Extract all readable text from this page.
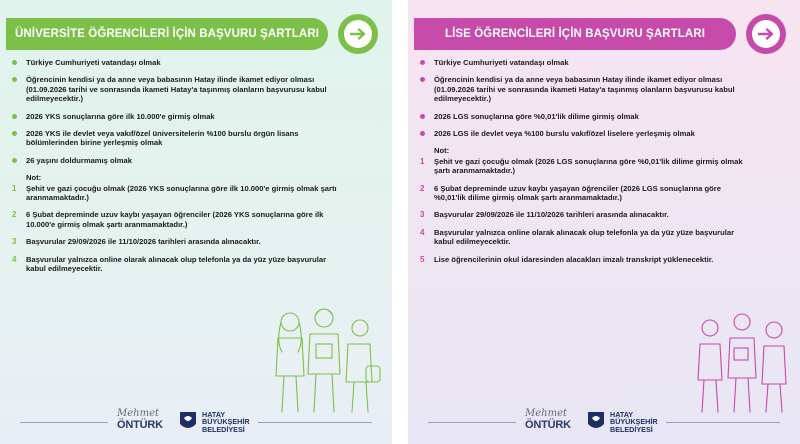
ÜNİVERSİTE ÖĞRENCİLERİ İÇİN BAŞVURU ŞARTLARI
Türkiye Cumhuriyeti vatandaşı olmak
Öğrencinin kendisi ya da anne veya babasının Hatay ilinde ikamet ediyor olması (01.09.2026 tarihi ve sonrasında ikameti Hatay'a taşınmış olanların başvurusu kabul edilmeyecektir.)
2026 YKS sonuçlarına göre ilk 10.000'e girmiş olmak
2026 YKS ile devlet veya vakıf/özel üniversitelerin %100 burslu örgün lisans bölümlerinden birine yerleşmiş olmak
26 yaşını doldurmamış olmak
Not:
1 Şehit ve gazi çocuğu olmak (2026 YKS sonuçlarına göre ilk 10.000'e girmiş olmak şartı aranmamaktadır.)
2 6 Şubat depreminde uzuv kaybı yaşayan öğrenciler (2026 YKS sonuçlarına göre ilk 10.000'e girmiş olmak şartı aranmamaktadır.)
3 Başvurular 29/09/2026 ile 11/10/2026 tarihleri arasında alınacaktır.
4 Başvurular yalnızca online olarak alınacak olup telefonla ya da yüz yüze başvurular kabul edilmeyecektir.
Mehmet
ÖNTÜRK
HATAY
BÜYÜKŞEHİR
BELEDİYESİ
LİSE ÖĞRENCİLERİ İÇİN BAŞVURU ŞARTLARI
Türkiye Cumhuriyeti vatandaşı olmak
Öğrencinin kendisi ya da anne veya babasının Hatay ilinde ikamet ediyor olması (01.09.2026 tarihi ve sonrasında ikameti Hatay'a taşınmış olanların başvurusu kabul edilmeyecektir.)
2026 LGS sonuçlarına göre %0,01'lik dilime girmiş olmak
2026 LGS ile devlet veya %100 burslu vakıf/özel liselere yerleşmiş olmak
Not:
1 Şehit ve gazi çocuğu olmak (2026 LGS sonuçlarına göre %0,01'lik dilime girmiş olmak şartı aranmamaktadır.)
2 6 Şubat depreminde uzuv kaybı yaşayan öğrenciler (2026 LGS sonuçlarına göre %0,01'lik dilime girmiş olmak şartı aranmamaktadır.)
3 Başvurular 29/09/2026 ile 11/10/2026 tarihleri arasında alınacaktır.
4 Başvurular yalnızca online olarak alınacak olup telefonla ya da yüz yüze başvurular kabul edilmeyecektir.
5 Lise öğrencilerinin okul idaresinden alacakları imzalı transkript yüklenecektir.
Mehmet
ÖNTÜRK
HATAY
BÜYÜKŞEHİR
BELEDİYESİ
